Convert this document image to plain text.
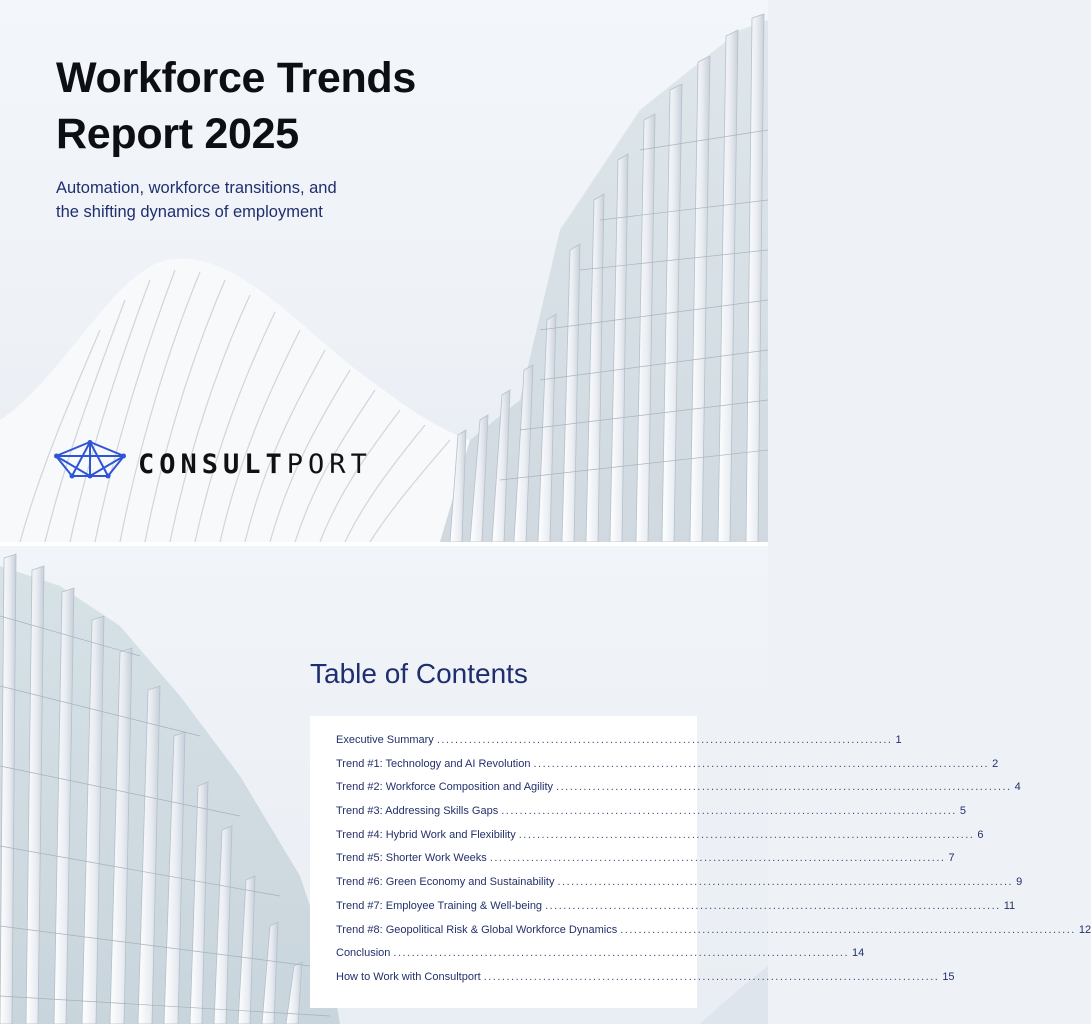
Workforce Trends
Report 2025
Automation, workforce transitions, and
the shifting dynamics of employment
CONSULT PORT
Table of Contents
Executive Summary .................................................................................................... 1
Trend #1: Technology and AI Revolution .................................................................................................... 2
Trend #2: Workforce Composition and Agility .................................................................................................... 4
Trend #3: Addressing Skills Gaps .................................................................................................... 5
Trend #4: Hybrid Work and Flexibility .................................................................................................... 6
Trend #5: Shorter Work Weeks .................................................................................................... 7
Trend #6: Green Economy and Sustainability .................................................................................................... 9
Trend #7: Employee Training & Well-being .................................................................................................... 11
Trend #8: Geopolitical Risk & Global Workforce Dynamics .................................................................................................... 12
Conclusion .................................................................................................... 14
How to Work with Consultport .................................................................................................... 15
